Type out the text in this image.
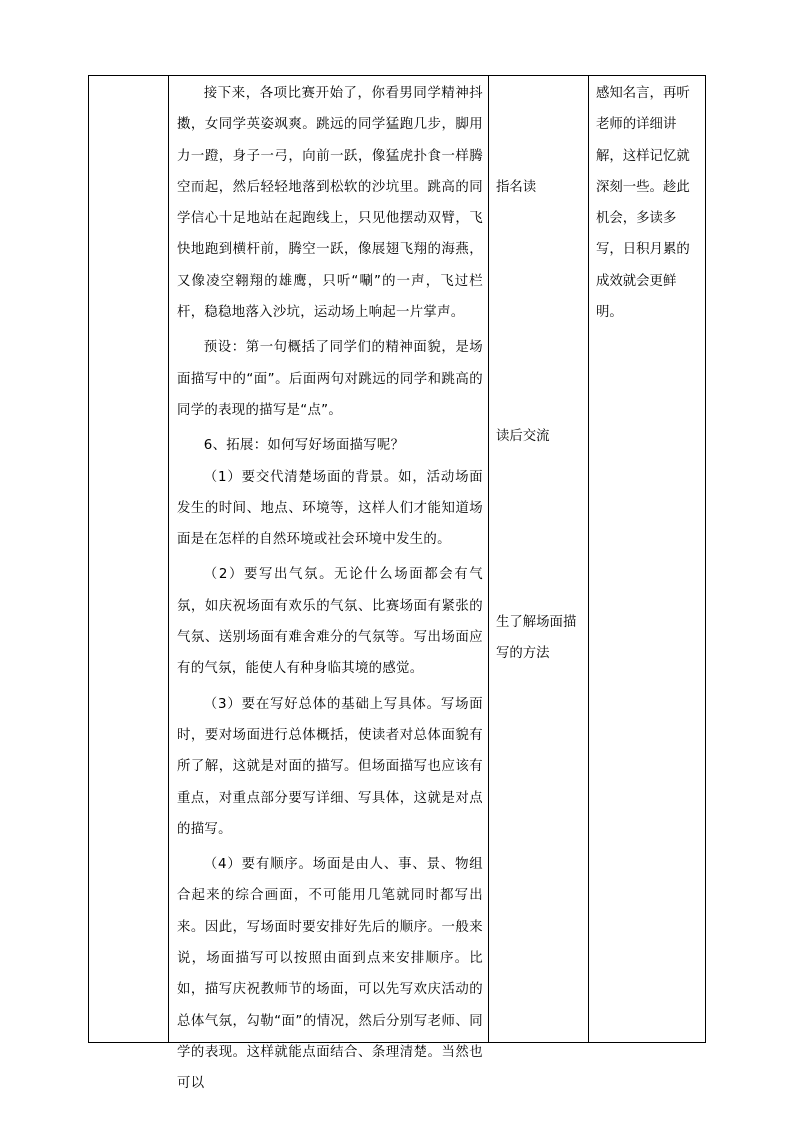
接下来，各项比赛开始了，你看男同学精神抖擞，女同学英姿飒爽。跳远的同学猛跑几步，脚用力一蹬，身子一弓，向前一跃，像猛虎扑食一样腾空而起，然后轻轻地落到松软的沙坑里。跳高的同学信心十足地站在起跑线上，只见他摆动双臂，飞快地跑到横杆前，腾空一跃，像展翅飞翔的海燕，又像凌空翱翔的雄鹰，只听“唰”的一声，飞过栏杆，稳稳地落入沙坑，运动场上响起一片掌声。

预设：第一句概括了同学们的精神面貌，是场面描写中的“面”。后面两句对跳远的同学和跳高的同学的表现的描写是“点”。

6、拓展：如何写好场面描写呢？

（1）要交代清楚场面的背景。如，活动场面发生的时间、地点、环境等，这样人们才能知道场面是在怎样的自然环境或社会环境中发生的。

（2）要写出气氛。无论什么场面都会有气氛，如庆祝场面有欢乐的气氛、比赛场面有紧张的气氛、送别场面有难舍难分的气氛等。写出场面应有的气氛，能使人有种身临其境的感觉。

（3）要在写好总体的基础上写具体。写场面时，要对场面进行总体概括，使读者对总体面貌有所了解，这就是对面的描写。但场面描写也应该有重点，对重点部分要写详细、写具体，这就是对点的描写。

（4）要有顺序。场面是由人、事、景、物组合起来的综合画面，不可能用几笔就同时都写出来。因此，写场面时要安排好先后的顺序。一般来说，场面描写可以按照由面到点来安排顺序。比如，描写庆祝教师节的场面，可以先写欢庆活动的总体气氛，勾勒“面”的情况，然后分别写老师、同学的表现。这样就能点面结合、条理清楚。当然也可以

指名读
读后交流
生了解场面描写的方法
感知名言，再听老师的详细讲解，这样记忆就深刻一些。趁此机会，多读多写，日积月累的成效就会更鲜明。
